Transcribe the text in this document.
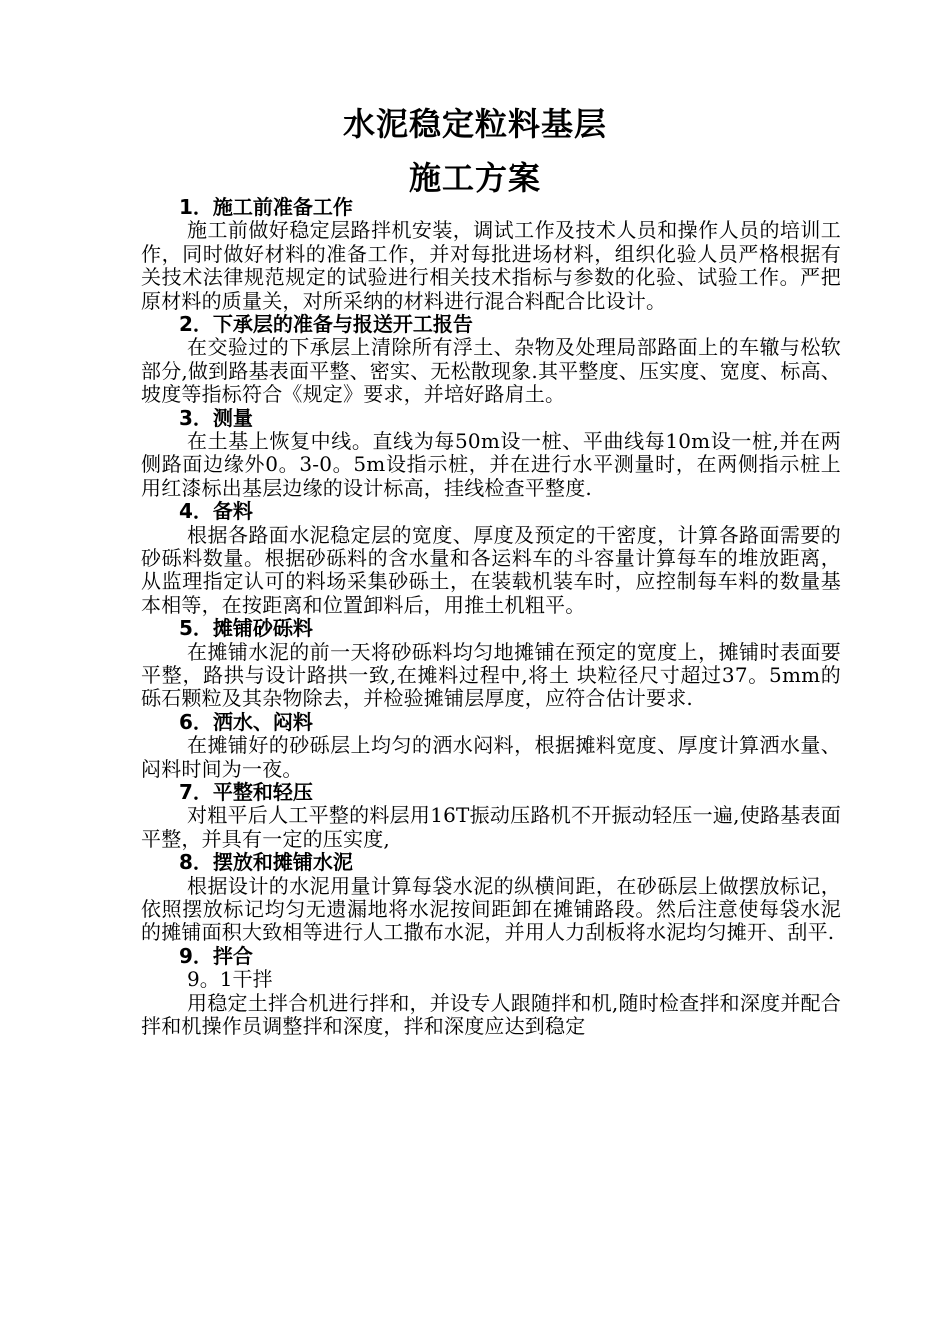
水泥稳定粒料基层
施工方案
1．施工前准备工作
施工前做好稳定层路拌机安装，调试工作及技术人员和操作人员的培训工作，同时做好材料的准备工作，并对每批进场材料，组织化验人员严格根据有关技术法律规范规定的试验进行相关技术指标与参数的化验、试验工作。严把原材料的质量关，对所采纳的材料进行混合料配合比设计。
2．下承层的准备与报送开工报告
在交验过的下承层上清除所有浮土、杂物及处理局部路面上的车辙与松软部分,做到路基表面平整、密实、无松散现象.其平整度、压实度、宽度、标高、坡度等指标符合《规定》要求，并培好路肩土。
3．测量
在土基上恢复中线。直线为每50m设一桩、平曲线每10m设一桩,并在两侧路面边缘外0。3-0。5m设指示桩，并在进行水平测量时，在两侧指示桩上用红漆标出基层边缘的设计标高，挂线检查平整度.
4．备料
根据各路面水泥稳定层的宽度、厚度及预定的干密度，计算各路面需要的砂砾料数量。根据砂砾料的含水量和各运料车的斗容量计算每车的堆放距离，从监理指定认可的料场采集砂砾土，在装载机装车时，应控制每车料的数量基本相等，在按距离和位置卸料后，用推土机粗平。
5．摊铺砂砾料
在摊铺水泥的前一天将砂砾料均匀地摊铺在预定的宽度上，摊铺时表面要平整，路拱与设计路拱一致,在摊料过程中,将土 块粒径尺寸超过37。5mm的砾石颗粒及其杂物除去，并检验摊铺层厚度，应符合估计要求.
6．洒水、闷料
在摊铺好的砂砾层上均匀的洒水闷料，根据摊料宽度、厚度计算洒水量、闷料时间为一夜。
7．平整和轻压
对粗平后人工平整的料层用16T振动压路机不开振动轻压一遍,使路基表面平整，并具有一定的压实度,
8．摆放和摊铺水泥
根据设计的水泥用量计算每袋水泥的纵横间距，在砂砾层上做摆放标记，依照摆放标记均匀无遗漏地将水泥按间距卸在摊铺路段。然后注意使每袋水泥的摊铺面积大致相等进行人工撒布水泥，并用人力刮板将水泥均匀摊开、刮平.
9．拌合
9。1干拌
用稳定土拌合机进行拌和，并设专人跟随拌和机,随时检查拌和深度并配合拌和机操作员调整拌和深度，拌和深度应达到稳定
